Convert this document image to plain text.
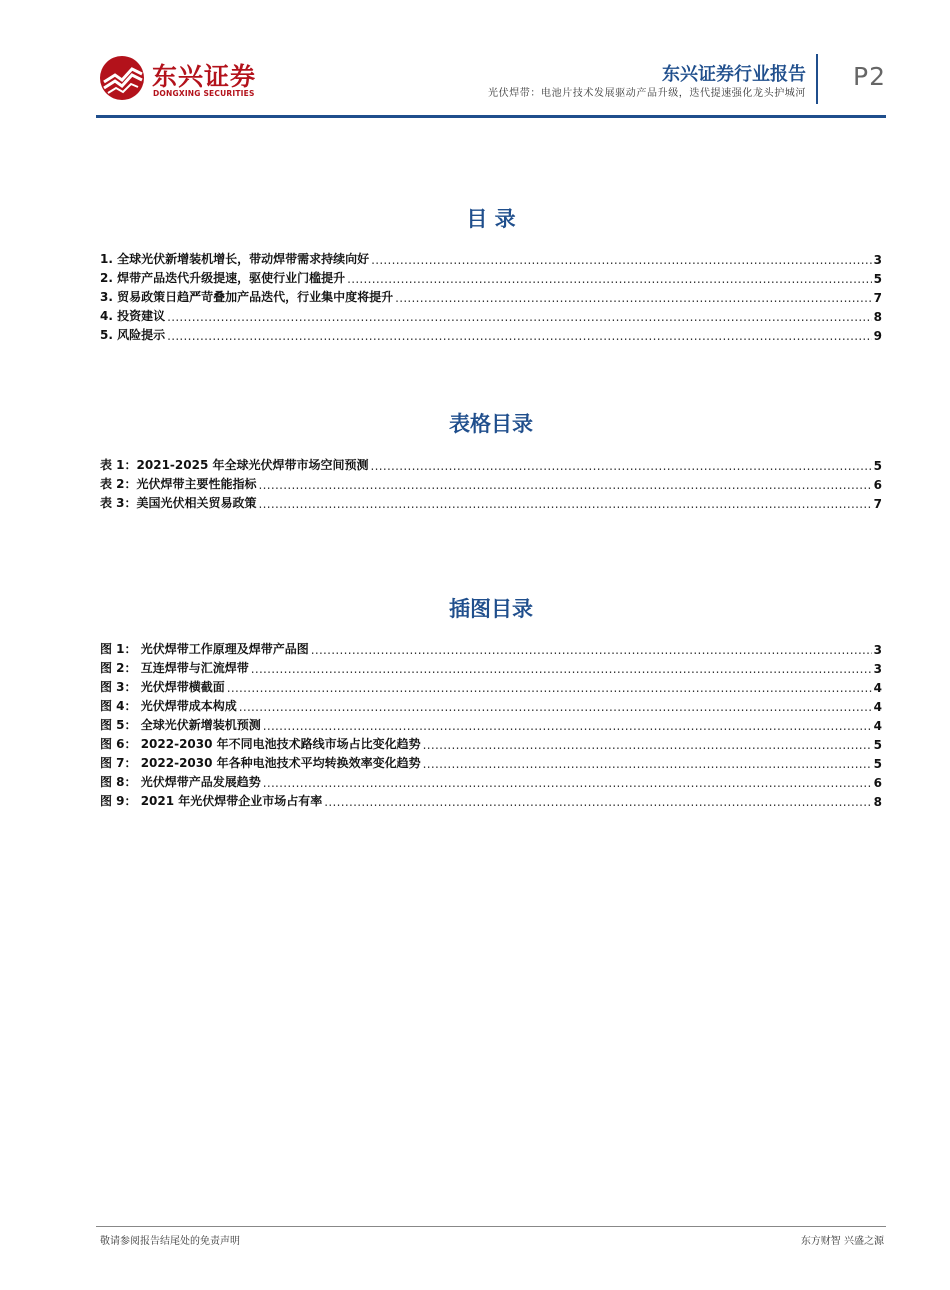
东兴证券
DONGXING SECURITIES
东兴证券行业报告
光伏焊带：电池片技术发展驱动产品升级，迭代提速强化龙头护城河
P2
目 录
1. 全球光伏新增装机增长，带动焊带需求持续向好 .....	3
2. 焊带产品迭代升级提速，驱使行业门槛提升 .....	5
3. 贸易政策日趋严苛叠加产品迭代，行业集中度将提升 .....	7
4. 投资建议 .....	8
5. 风险提示 .....	9
表格目录
表 1：2021-2025 年全球光伏焊带市场空间预测 .....	5
表 2：光伏焊带主要性能指标 .....	6
表 3：美国光伏相关贸易政策 .....	7
插图目录
图 1： 光伏焊带工作原理及焊带产品图 .....	3
图 2： 互连焊带与汇流焊带 .....	3
图 3： 光伏焊带横截面 .....	4
图 4： 光伏焊带成本构成 .....	4
图 5： 全球光伏新增装机预测 .....	4
图 6： 2022-2030 年不同电池技术路线市场占比变化趋势 .....	5
图 7： 2022-2030 年各种电池技术平均转换效率变化趋势 .....	5
图 8： 光伏焊带产品发展趋势 .....	6
图 9： 2021 年光伏焊带企业市场占有率 .....	8
敬请参阅报告结尾处的免责声明	东方财智 兴盛之源
